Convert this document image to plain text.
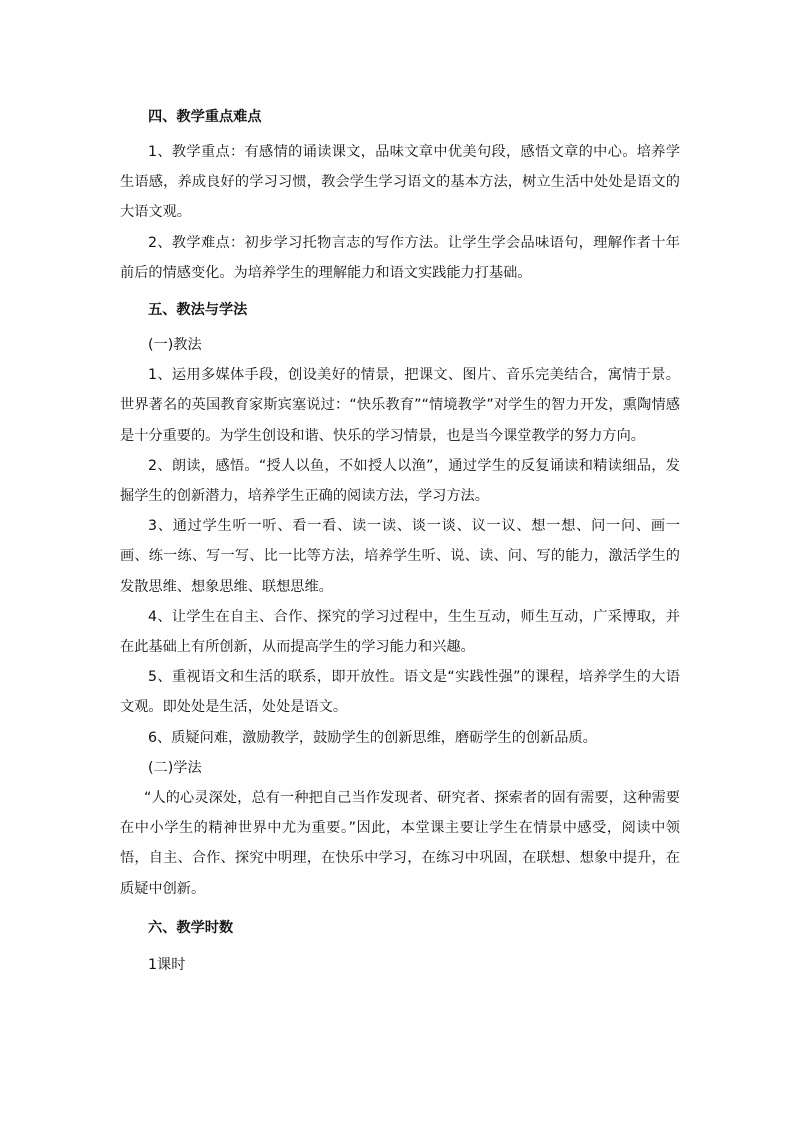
四、教学重点难点

1、教学重点：有感情的诵读课文，品味文章中优美句段，感悟文章的中心。培养学生语感，养成良好的学习习惯，教会学生学习语文的基本方法，树立生活中处处是语文的大语文观。

2、教学难点：初步学习托物言志的写作方法。让学生学会品味语句，理解作者十年前后的情感变化。为培养学生的理解能力和语文实践能力打基础。

五、教法与学法

(一)教法

1、运用多媒体手段，创设美好的情景，把课文、图片、音乐完美结合，寓情于景。世界著名的英国教育家斯宾塞说过：“快乐教育”“情境教学”对学生的智力开发，熏陶情感是十分重要的。为学生创设和谐、快乐的学习情景，也是当今课堂教学的努力方向。

2、朗读，感悟。“授人以鱼，不如授人以渔”，通过学生的反复诵读和精读细品，发掘学生的创新潜力，培养学生正确的阅读方法，学习方法。

3、通过学生听一听、看一看、读一读、谈一谈、议一议、想一想、问一问、画一画、练一练、写一写、比一比等方法，培养学生听、说、读、问、写的能力，激活学生的发散思维、想象思维、联想思维。

4、让学生在自主、合作、探究的学习过程中，生生互动，师生互动，广采博取，并在此基础上有所创新，从而提高学生的学习能力和兴趣。

5、重视语文和生活的联系，即开放性。语文是“实践性强”的课程，培养学生的大语文观。即处处是生活，处处是语文。

6、质疑问难，激励教学，鼓励学生的创新思维，磨砺学生的创新品质。

(二)学法

“人的心灵深处，总有一种把自己当作发现者、研究者、探索者的固有需要，这种需要在中小学生的精神世界中尤为重要。”因此，本堂课主要让学生在情景中感受，阅读中领悟，自主、合作、探究中明理，在快乐中学习，在练习中巩固，在联想、想象中提升，在质疑中创新。

六、教学时数

1课时
